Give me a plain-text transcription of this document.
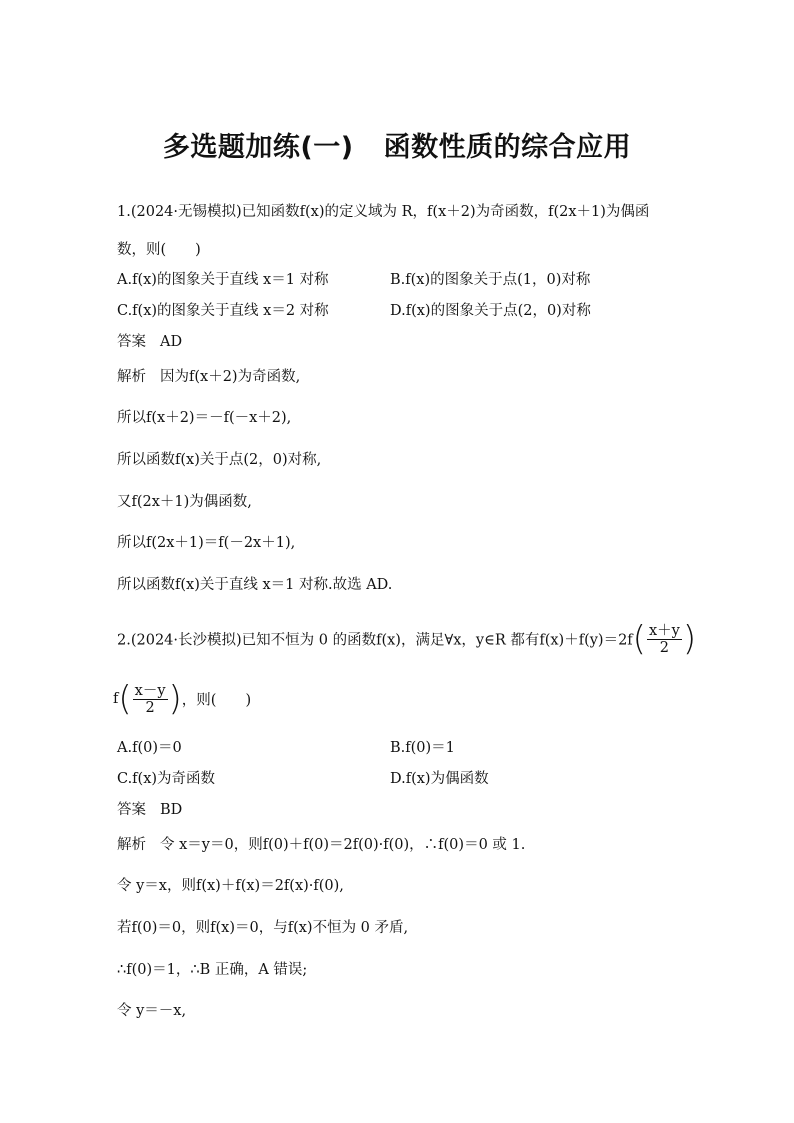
多选题加练(一) 函数性质的综合应用
1.(2024·无锡模拟)已知函数f(x)的定义域为 R，f(x＋2)为奇函数，f(2x＋1)为偶函
数，则(　　)
A.f(x)的图象关于直线 x＝1 对称	B.f(x)的图象关于点(1，0)对称
C.f(x)的图象关于直线 x＝2 对称	D.f(x)的图象关于点(2，0)对称
答案 AD
解析 因为f(x＋2)为奇函数,
所以f(x＋2)＝－f(－x＋2),
所以函数f(x)关于点(2，0)对称,
又f(2x＋1)为偶函数,
所以f(2x＋1)＝f(－2x＋1),
所以函数f(x)关于直线 x＝1 对称.故选 AD.
2.(2024·长沙模拟)已知不恒为 0 的函数f(x)，满足∀x，y∈R 都有$f(x)+f(y)=2f( \frac{x+y}{2}$ )
$f( \frac{x-y}{2}$ )，则(　　)
A.f(0)＝0	B.f(0)＝1
C.f(x)为奇函数	D.f(x)为偶函数
答案 BD
解析 令 x＝y＝0，则f(0)＋f(0)＝2f(0)·f(0)，∴f(0)＝0 或 1.
令 y＝x，则f(x)＋f(x)＝2f(x)·f(0),
若f(0)＝0，则f(x)＝0，与f(x)不恒为 0 矛盾,
∴f(0)＝1，∴B 正确，A 错误;
令 y＝－x,
